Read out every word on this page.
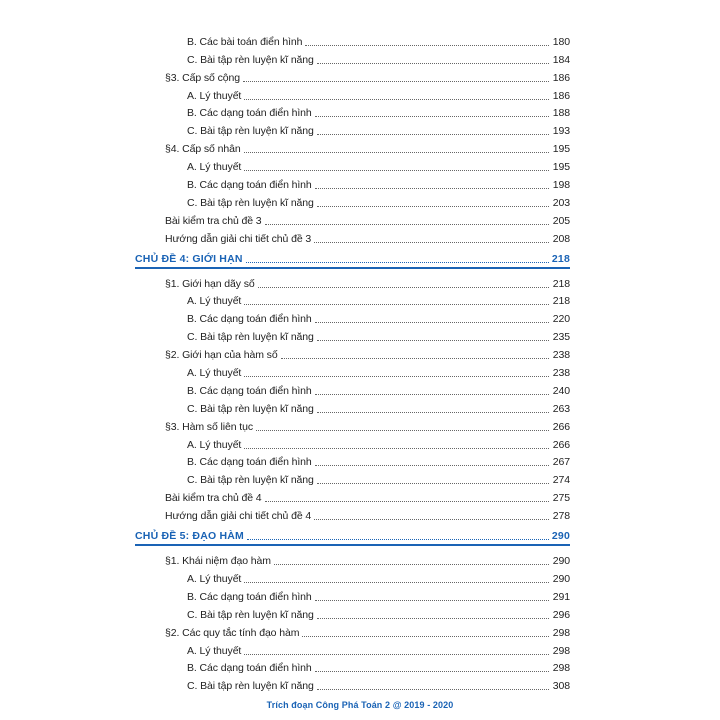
B. Các bài toán điển hình	180
C. Bài tập rèn luyện kĩ năng	184
§3. Cấp số cộng	186
A. Lý thuyết	186
B. Các dạng toán điển hình	188
C. Bài tập rèn luyện kĩ năng	193
§4. Cấp số nhân	195
A. Lý thuyết	195
B. Các dạng toán điển hình	198
C. Bài tập rèn luyện kĩ năng	203
Bài kiểm tra chủ đề 3	205
Hướng dẫn giải chi tiết chủ đề 3	208
CHỦ ĐỀ 4: GIỚI HẠN	218
§1. Giới hạn dãy số	218
A. Lý thuyết	218
B. Các dạng toán điển hình	220
C. Bài tập rèn luyện kĩ năng	235
§2. Giới hạn của hàm số	238
A. Lý thuyết	238
B. Các dạng toán điển hình	240
C. Bài tập rèn luyện kĩ năng	263
§3. Hàm số liên tục	266
A. Lý thuyết	266
B. Các dạng toán điển hình	267
C. Bài tập rèn luyện kĩ năng	274
Bài kiểm tra chủ đề 4	275
Hướng dẫn giải chi tiết chủ đề 4	278
CHỦ ĐỀ 5: ĐẠO HÀM	290
§1. Khái niệm đạo hàm	290
A. Lý thuyết	290
B. Các dạng toán điển hình	291
C. Bài tập rèn luyện kĩ năng	296
§2. Các quy tắc tính đạo hàm	298
A. Lý thuyết	298
B. Các dạng toán điển hình	298
C. Bài tập rèn luyện kĩ năng	308
Trích đoạn Công Phá Toán 2 @ 2019 - 2020
